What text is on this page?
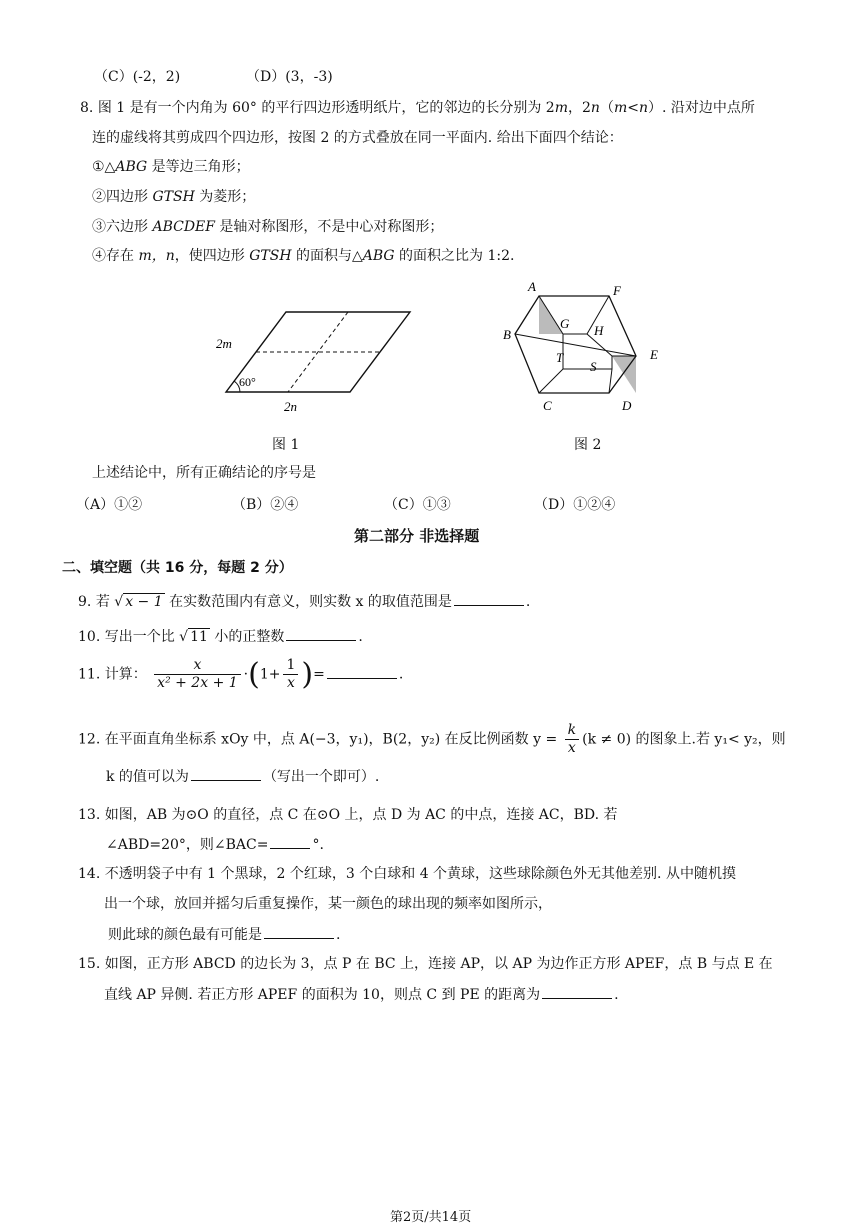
（C）(-2，2)	（D）(3，-3)
8. 图 1 是有一个内角为 60° 的平行四边形透明纸片，它的邻边的长分别为 2m，2n（m<n）. 沿对边中点所
连的虚线将其剪成四个四边形，按图 2 的方式叠放在同一平面内. 给出下面四个结论：
①△ABG 是等边三角形；
②四边形 GTSH 为菱形；
③六边形 ABCDEF 是轴对称图形，不是中心对称图形；
④存在 m，n，使四边形 GTSH 的面积与△ABG 的面积之比为 1:2.
2m
60°
2n
图 1
A	F
B
G H
E
T
S
C	D
图 2
上述结论中，所有正确结论的序号是
（A）①②	（B）②④	（C）①③	（D）①②④
第二部分 非选择题
二、填空题（共 16 分，每题 2 分）
9. 若 √ x − 1 在实数范围内有意义，则实数 x 的取值范围是	.
10. 写出一个比 √ 11 小的正整数	.
11. 计算： $\frac{x}{\text{x² + 2x + 1}} \cdot(1+ \frac{1}{x}$ )=	.
12. 在平面直角坐标系 xOy 中，点 A(−3，y₁)，B(2，y₂) 在反比例函数 $y = \frac{k}{x} (k \ne 0)$ 的图象上.若 y₁< y₂，则
k 的值可以为	（写出一个即可）.
13. 如图，AB 为⊙O 的直径，点 C 在⊙O 上，点 D 为 AC 的中点，连接 AC，BD. 若
∠ABD=20°，则∠BAC=	°.
14. 不透明袋子中有 1 个黑球，2 个红球，3 个白球和 4 个黄球，这些球除颜色外无其他差别. 从中随机摸
出一个球，放回并摇匀后重复操作，某一颜色的球出现的频率如图所示，
则此球的颜色最有可能是	.
15. 如图，正方形 ABCD 的边长为 3，点 P 在 BC 上，连接 AP，以 AP 为边作正方形 APEF，点 B 与点 E 在
直线 AP 异侧. 若正方形 APEF 的面积为 10，则点 C 到 PE 的距离为	.
第2页/共14页
